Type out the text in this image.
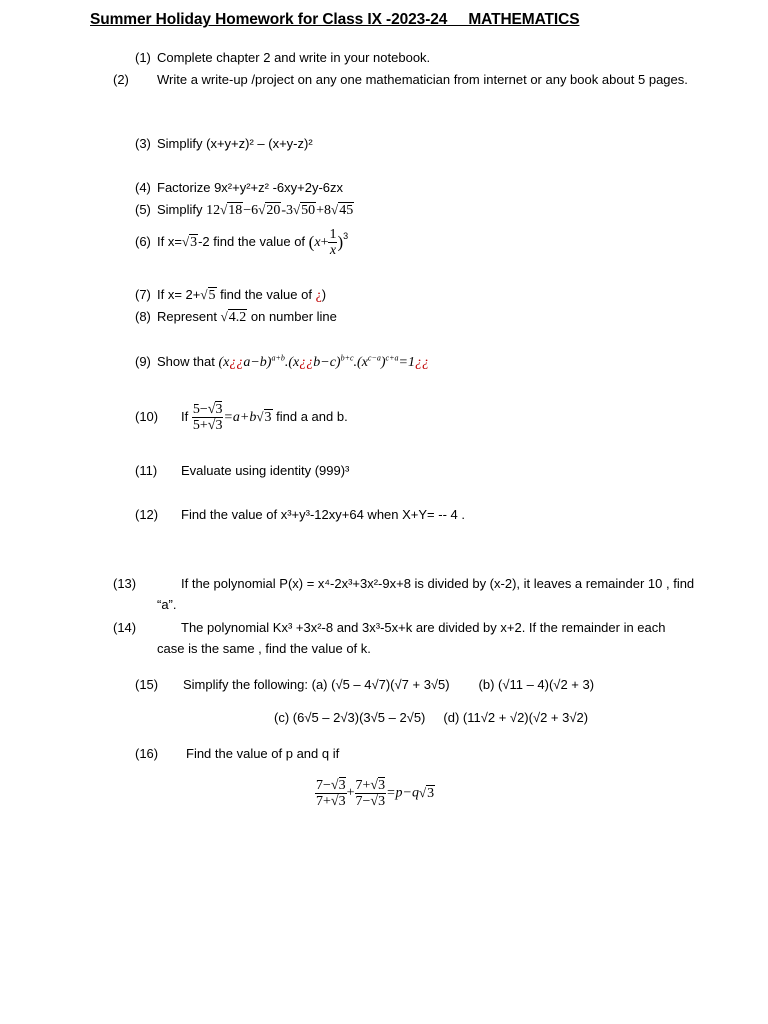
Summer Holiday Homework for Class IX -2023-24     MATHEMATICS
(1) Complete chapter 2 and write in your notebook.
(2) Write a write-up /project on any one mathematician from internet or any book about 5 pages.
(3) Simplify (x+y+z)² – (x+y-z)²
(4) Factorize 9x²+y²+z² -6xy+2y-6zx
(5) Simplify 12√18−6√20-3√50+8√45
(6) If x=√3-2 find the value of $(x+ \frac{1}{x} )^3$
(7) If x= 2+√5 find the value of ¿)
(8) Represent √4.2 on number line
(9) Show that $(x¿¿a-b)^{a+b}.(x¿¿b-c)^{b+c}.(x^{c-a})^{c+a}=1¿¿$
(10) If $\frac{5-√3}{5+√3} =a+b√3$ find a and b.
(11) Evaluate using identity (999)³
(12) Find the value of x³+y³-12xy+64 when X+Y= -- 4 .
(13)	If the polynomial P(x) = x⁴-2x³+3x²-9x+8 is divided by (x-2), it leaves a remainder 10 , find “a”.
(14)	The polynomial Kx³ +3x²-8 and 3x³-5x+k are divided by x+2. If the remainder in each case is the same , find the value of k.
(15) Simplify the following: (a) (√5 – 4√7)(√7 + 3√5)        (b) (√11 – 4)(√2 + 3)
(c) (6√5 – 2√3)(3√5 – 2√5)     (d) (11√2 + √2)(√2 + 3√2)
(16) Find the value of p and q if
$\frac{7-√3}{7+√3} + \frac{7+√3}{7-√3} =p-q√3$
